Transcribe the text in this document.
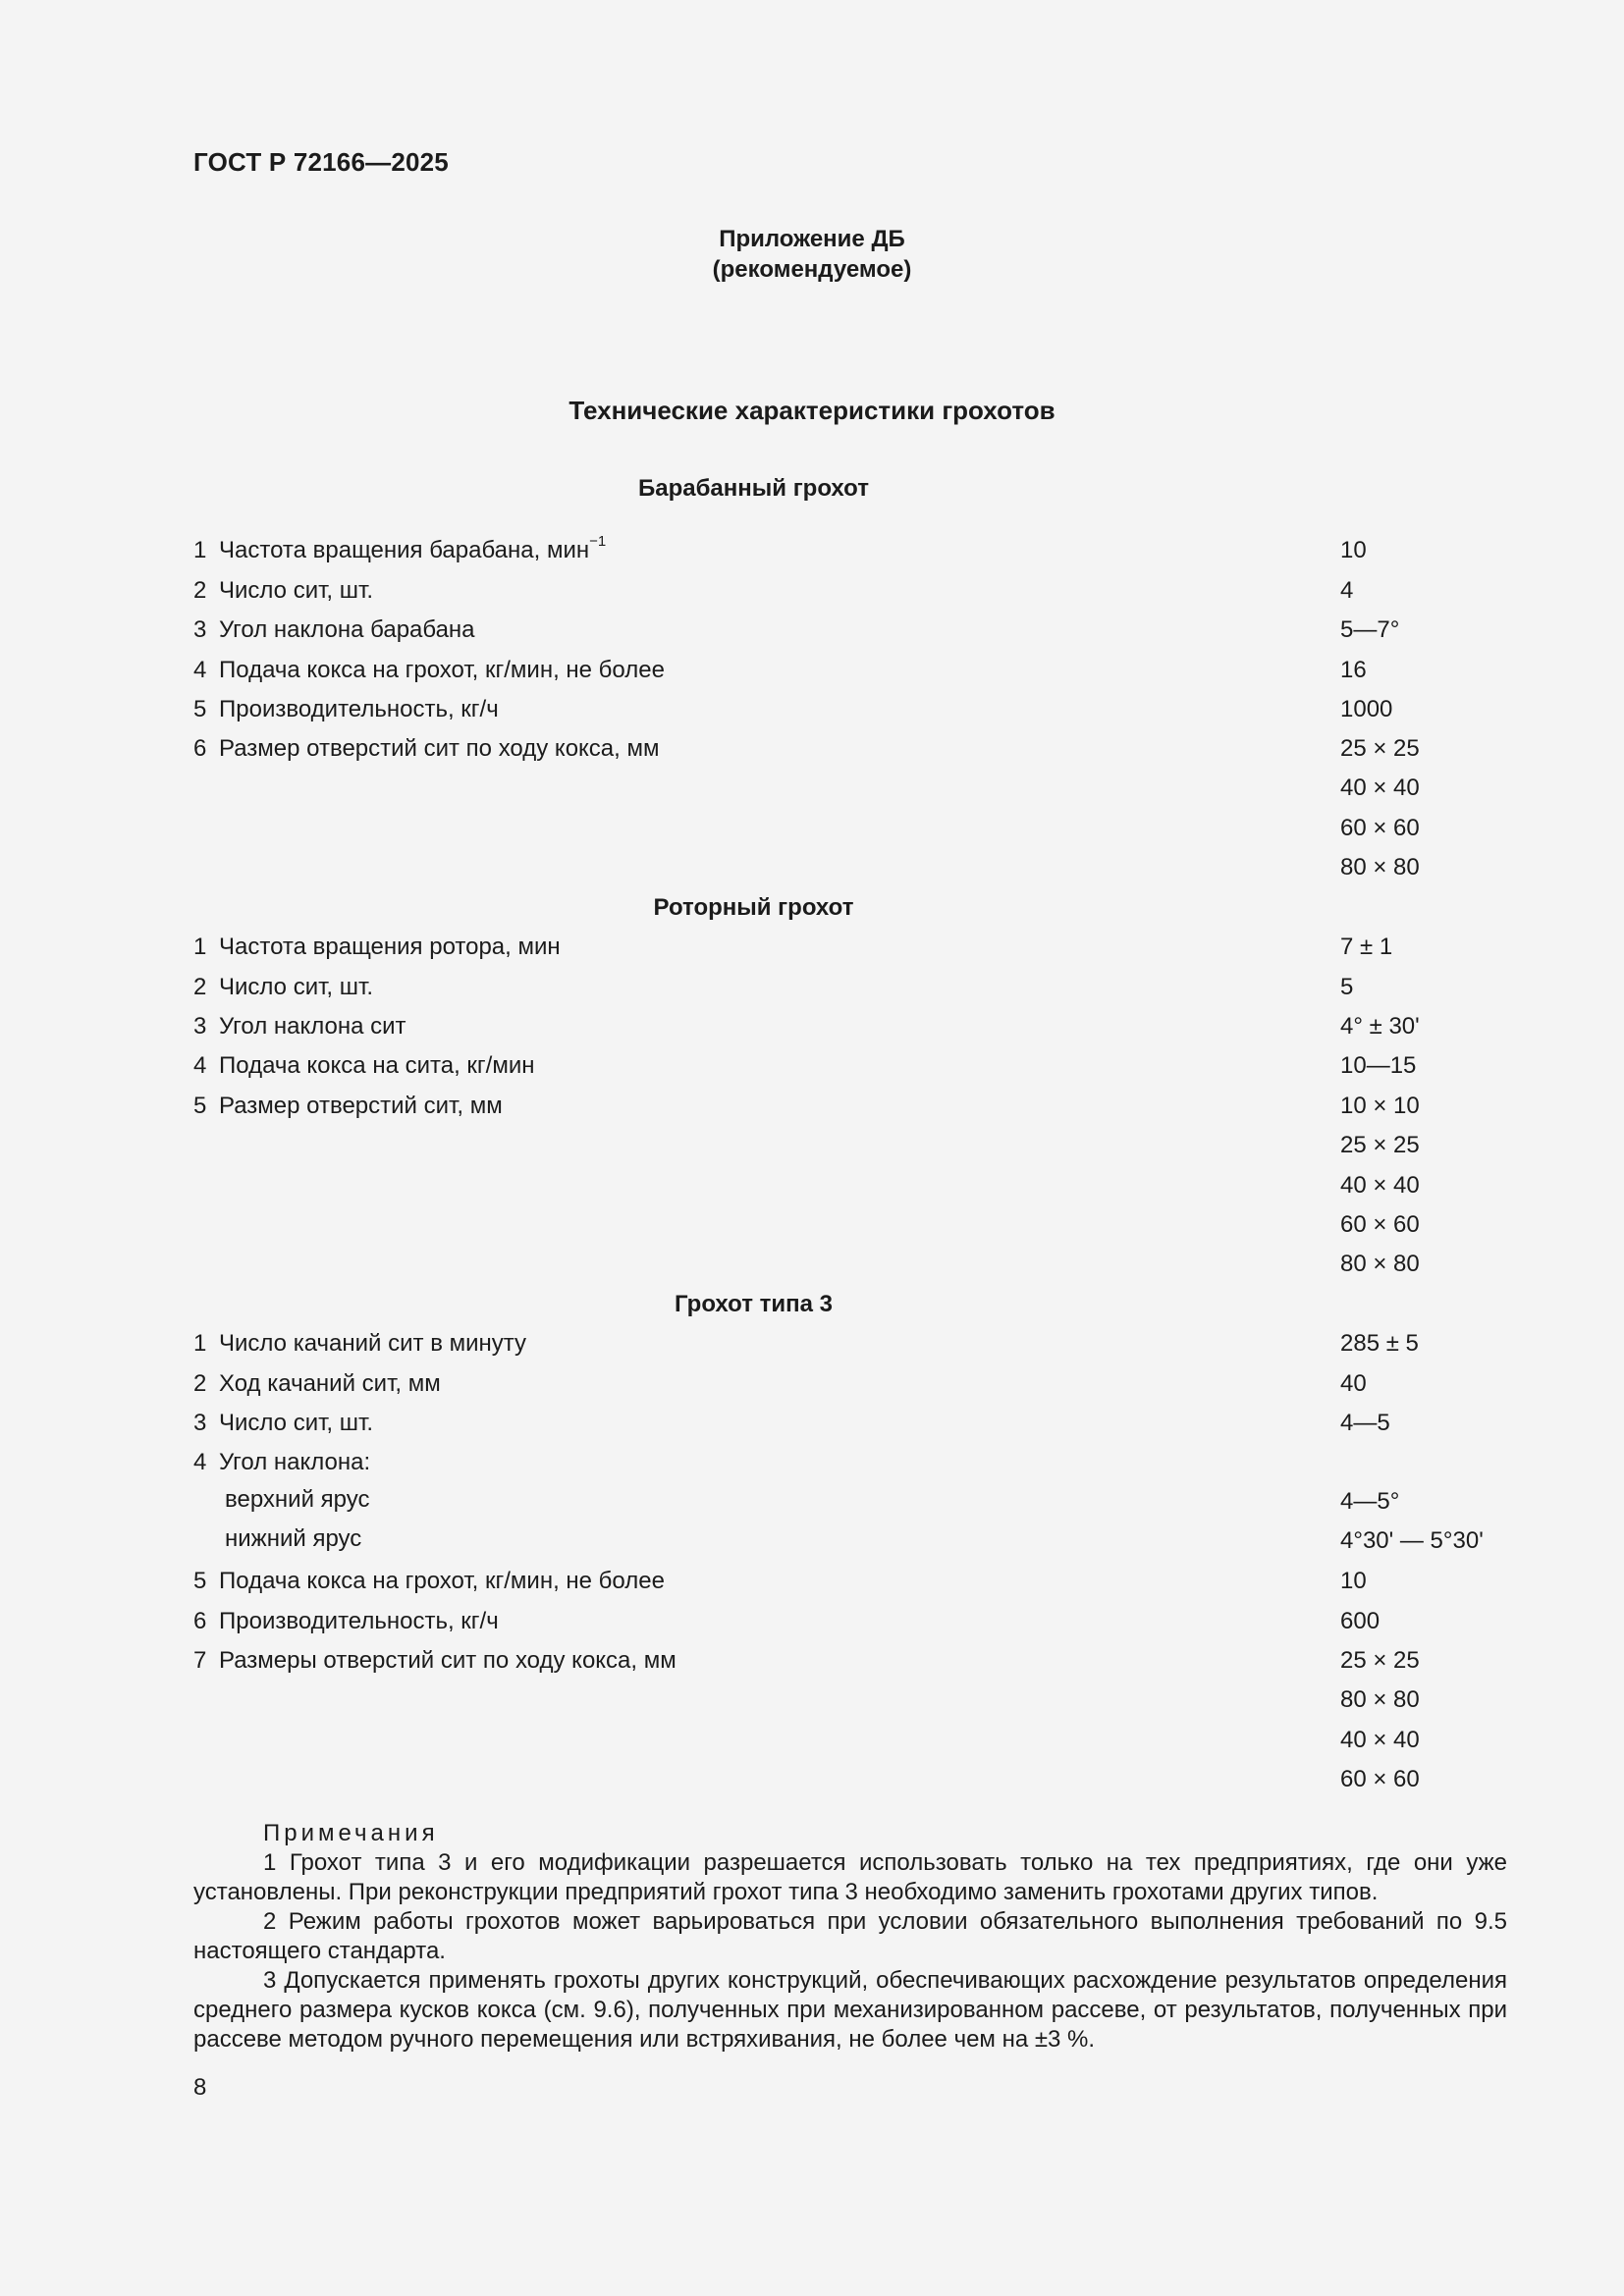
ГОСТ Р 72166—2025
Приложение ДБ
(рекомендуемое)
Технические характеристики грохотов
Барабанный грохот
1 Частота вращения барабана, мин$^{-1}$	10
2 Число сит, шт.	4
3 Угол наклона барабана	5—7°
4 Подача кокса на грохот, кг/мин, не более	16
5 Производительность, кг/ч	1000
6 Размер отверстий сит по ходу кокса, мм	25 × 25
40 × 40
60 × 60
80 × 80
Роторный грохот
1 Частота вращения ротора, мин	7 ± 1
2 Число сит, шт.	5
3 Угол наклона сит	4° ± 30'
4 Подача кокса на сита, кг/мин	10—15
5 Размер отверстий сит, мм	10 × 10
25 × 25
40 × 40
60 × 60
80 × 80
Грохот типа 3
1 Число качаний сит в минуту	285 ± 5
2 Ход качаний сит, мм	40
3 Число сит, шт.	4—5
4 Угол наклона:
верхний ярус	4—5°
нижний ярус	4°30' — 5°30'
5 Подача кокса на грохот, кг/мин, не более	10
6 Производительность, кг/ч	600
7 Размеры отверстий сит по ходу кокса, мм	25 × 25
80 × 80
40 × 40
60 × 60
Примечания

1 Грохот типа 3 и его модификации разрешается использовать только на тех предприятиях, где они уже установлены. При реконструкции предприятий грохот типа 3 необходимо заменить грохотами других типов.

2 Режим работы грохотов может варьироваться при условии обязательного выполнения требований по 9.5 настоящего стандарта.

3 Допускается применять грохоты других конструкций, обеспечивающих расхождение результатов определения среднего размера кусков кокса (см. 9.6), полученных при механизированном рассеве, от результатов, полученных при рассеве методом ручного перемещения или встряхивания, не более чем на ±3 %.

8
